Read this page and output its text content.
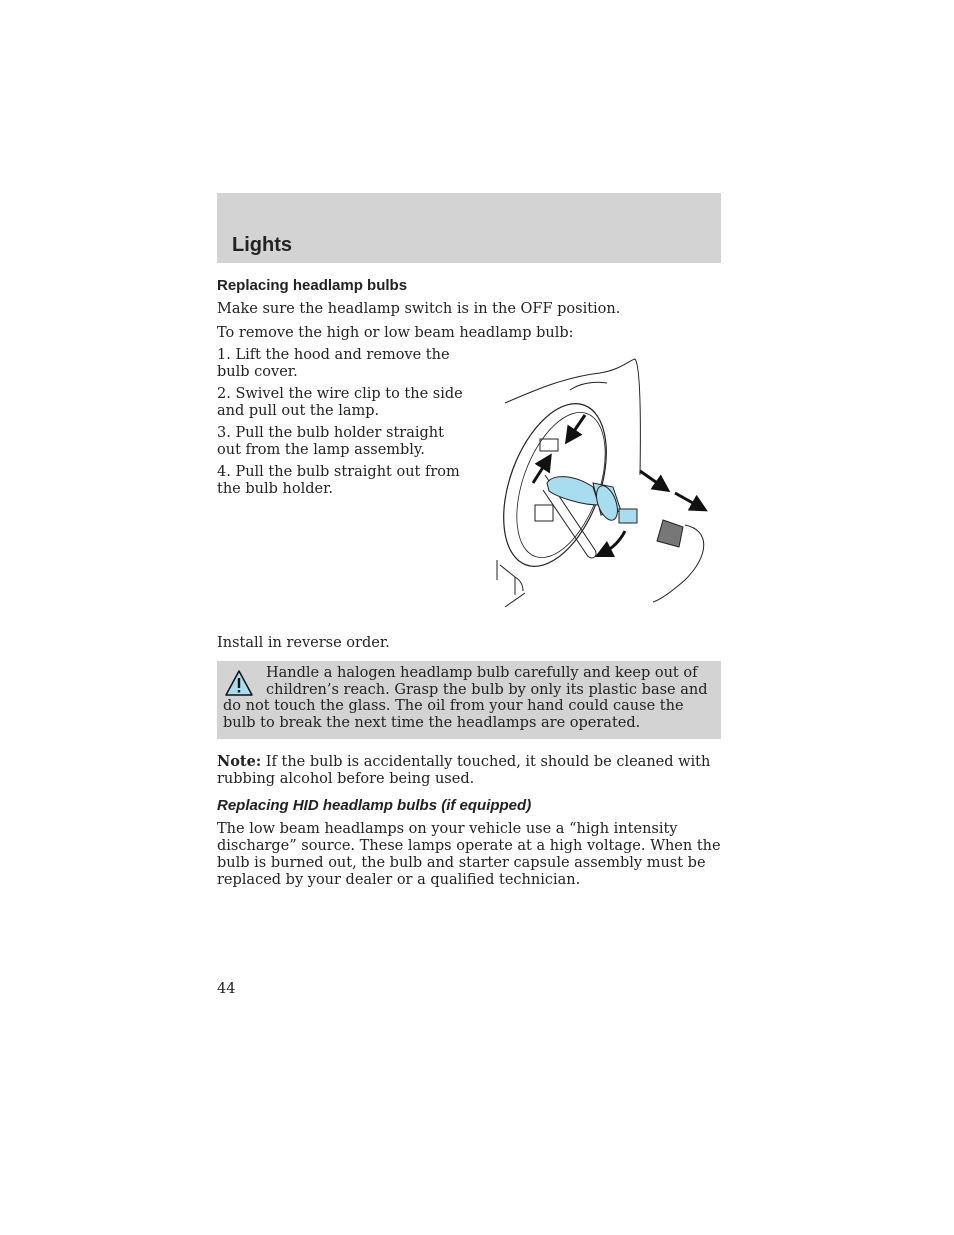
Lights
Replacing headlamp bulbs

Make sure the headlamp switch is in the OFF position.

To remove the high or low beam headlamp bulb:

1. Lift the hood and remove the bulb cover.

2. Swivel the wire clip to the side and pull out the lamp.

3. Pull the bulb holder straight out from the lamp assembly.

4. Pull the bulb straight out from the bulb holder.

Install in reverse order.

Handle a halogen headlamp bulb carefully and keep out of children’s reach. Grasp the bulb by only its plastic base and do not touch the glass. The oil from your hand could cause the bulb to break the next time the headlamps are operated.

Note: If the bulb is accidentally touched, it should be cleaned with rubbing alcohol before being used.

Replacing HID headlamp bulbs (if equipped)

The low beam headlamps on your vehicle use a “high intensity discharge” source. These lamps operate at a high voltage. When the bulb is burned out, the bulb and starter capsule assembly must be replaced by your dealer or a qualified technician.

44
